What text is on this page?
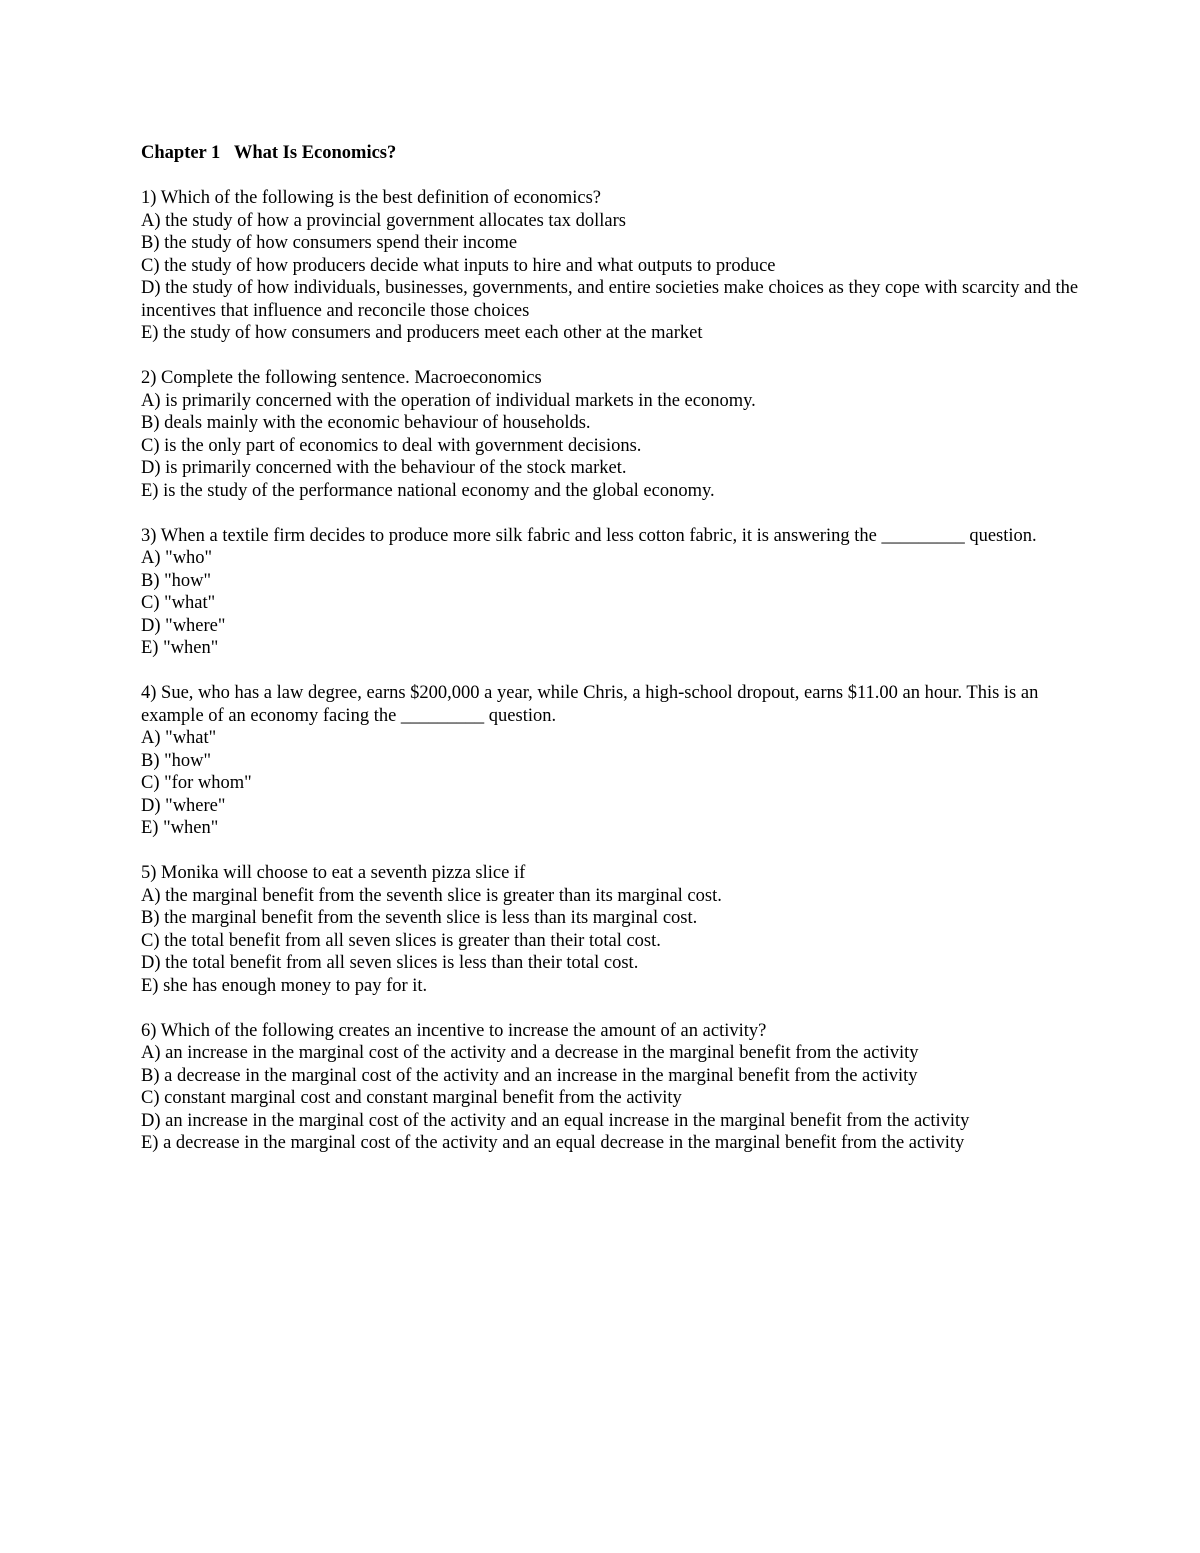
Chapter 1   What Is Economics?
1) Which of the following is the best definition of economics?
A) the study of how a provincial government allocates tax dollars
B) the study of how consumers spend their income
C) the study of how producers decide what inputs to hire and what outputs to produce
D) the study of how individuals, businesses, governments, and entire societies make choices as they cope with scarcity and the incentives that influence and reconcile those choices
E) the study of how consumers and producers meet each other at the market
2) Complete the following sentence. Macroeconomics
A) is primarily concerned with the operation of individual markets in the economy.
B) deals mainly with the economic behaviour of households.
C) is the only part of economics to deal with government decisions.
D) is primarily concerned with the behaviour of the stock market.
E) is the study of the performance national economy and the global economy.
3) When a textile firm decides to produce more silk fabric and less cotton fabric, it is answering the _________ question.
A) "who"
B) "how"
C) "what"
D) "where"
E) "when"
4) Sue, who has a law degree, earns $200,000 a year, while Chris, a high-school dropout, earns $11.00 an hour. This is an example of an economy facing the _________ question.
A) "what"
B) "how"
C) "for whom"
D) "where"
E) "when"
5) Monika will choose to eat a seventh pizza slice if
A) the marginal benefit from the seventh slice is greater than its marginal cost.
B) the marginal benefit from the seventh slice is less than its marginal cost.
C) the total benefit from all seven slices is greater than their total cost.
D) the total benefit from all seven slices is less than their total cost.
E) she has enough money to pay for it.
6) Which of the following creates an incentive to increase the amount of an activity?
A) an increase in the marginal cost of the activity and a decrease in the marginal benefit from the activity
B) a decrease in the marginal cost of the activity and an increase in the marginal benefit from the activity
C) constant marginal cost and constant marginal benefit from the activity
D) an increase in the marginal cost of the activity and an equal increase in the marginal benefit from the activity
E) a decrease in the marginal cost of the activity and an equal decrease in the marginal benefit from the activity
